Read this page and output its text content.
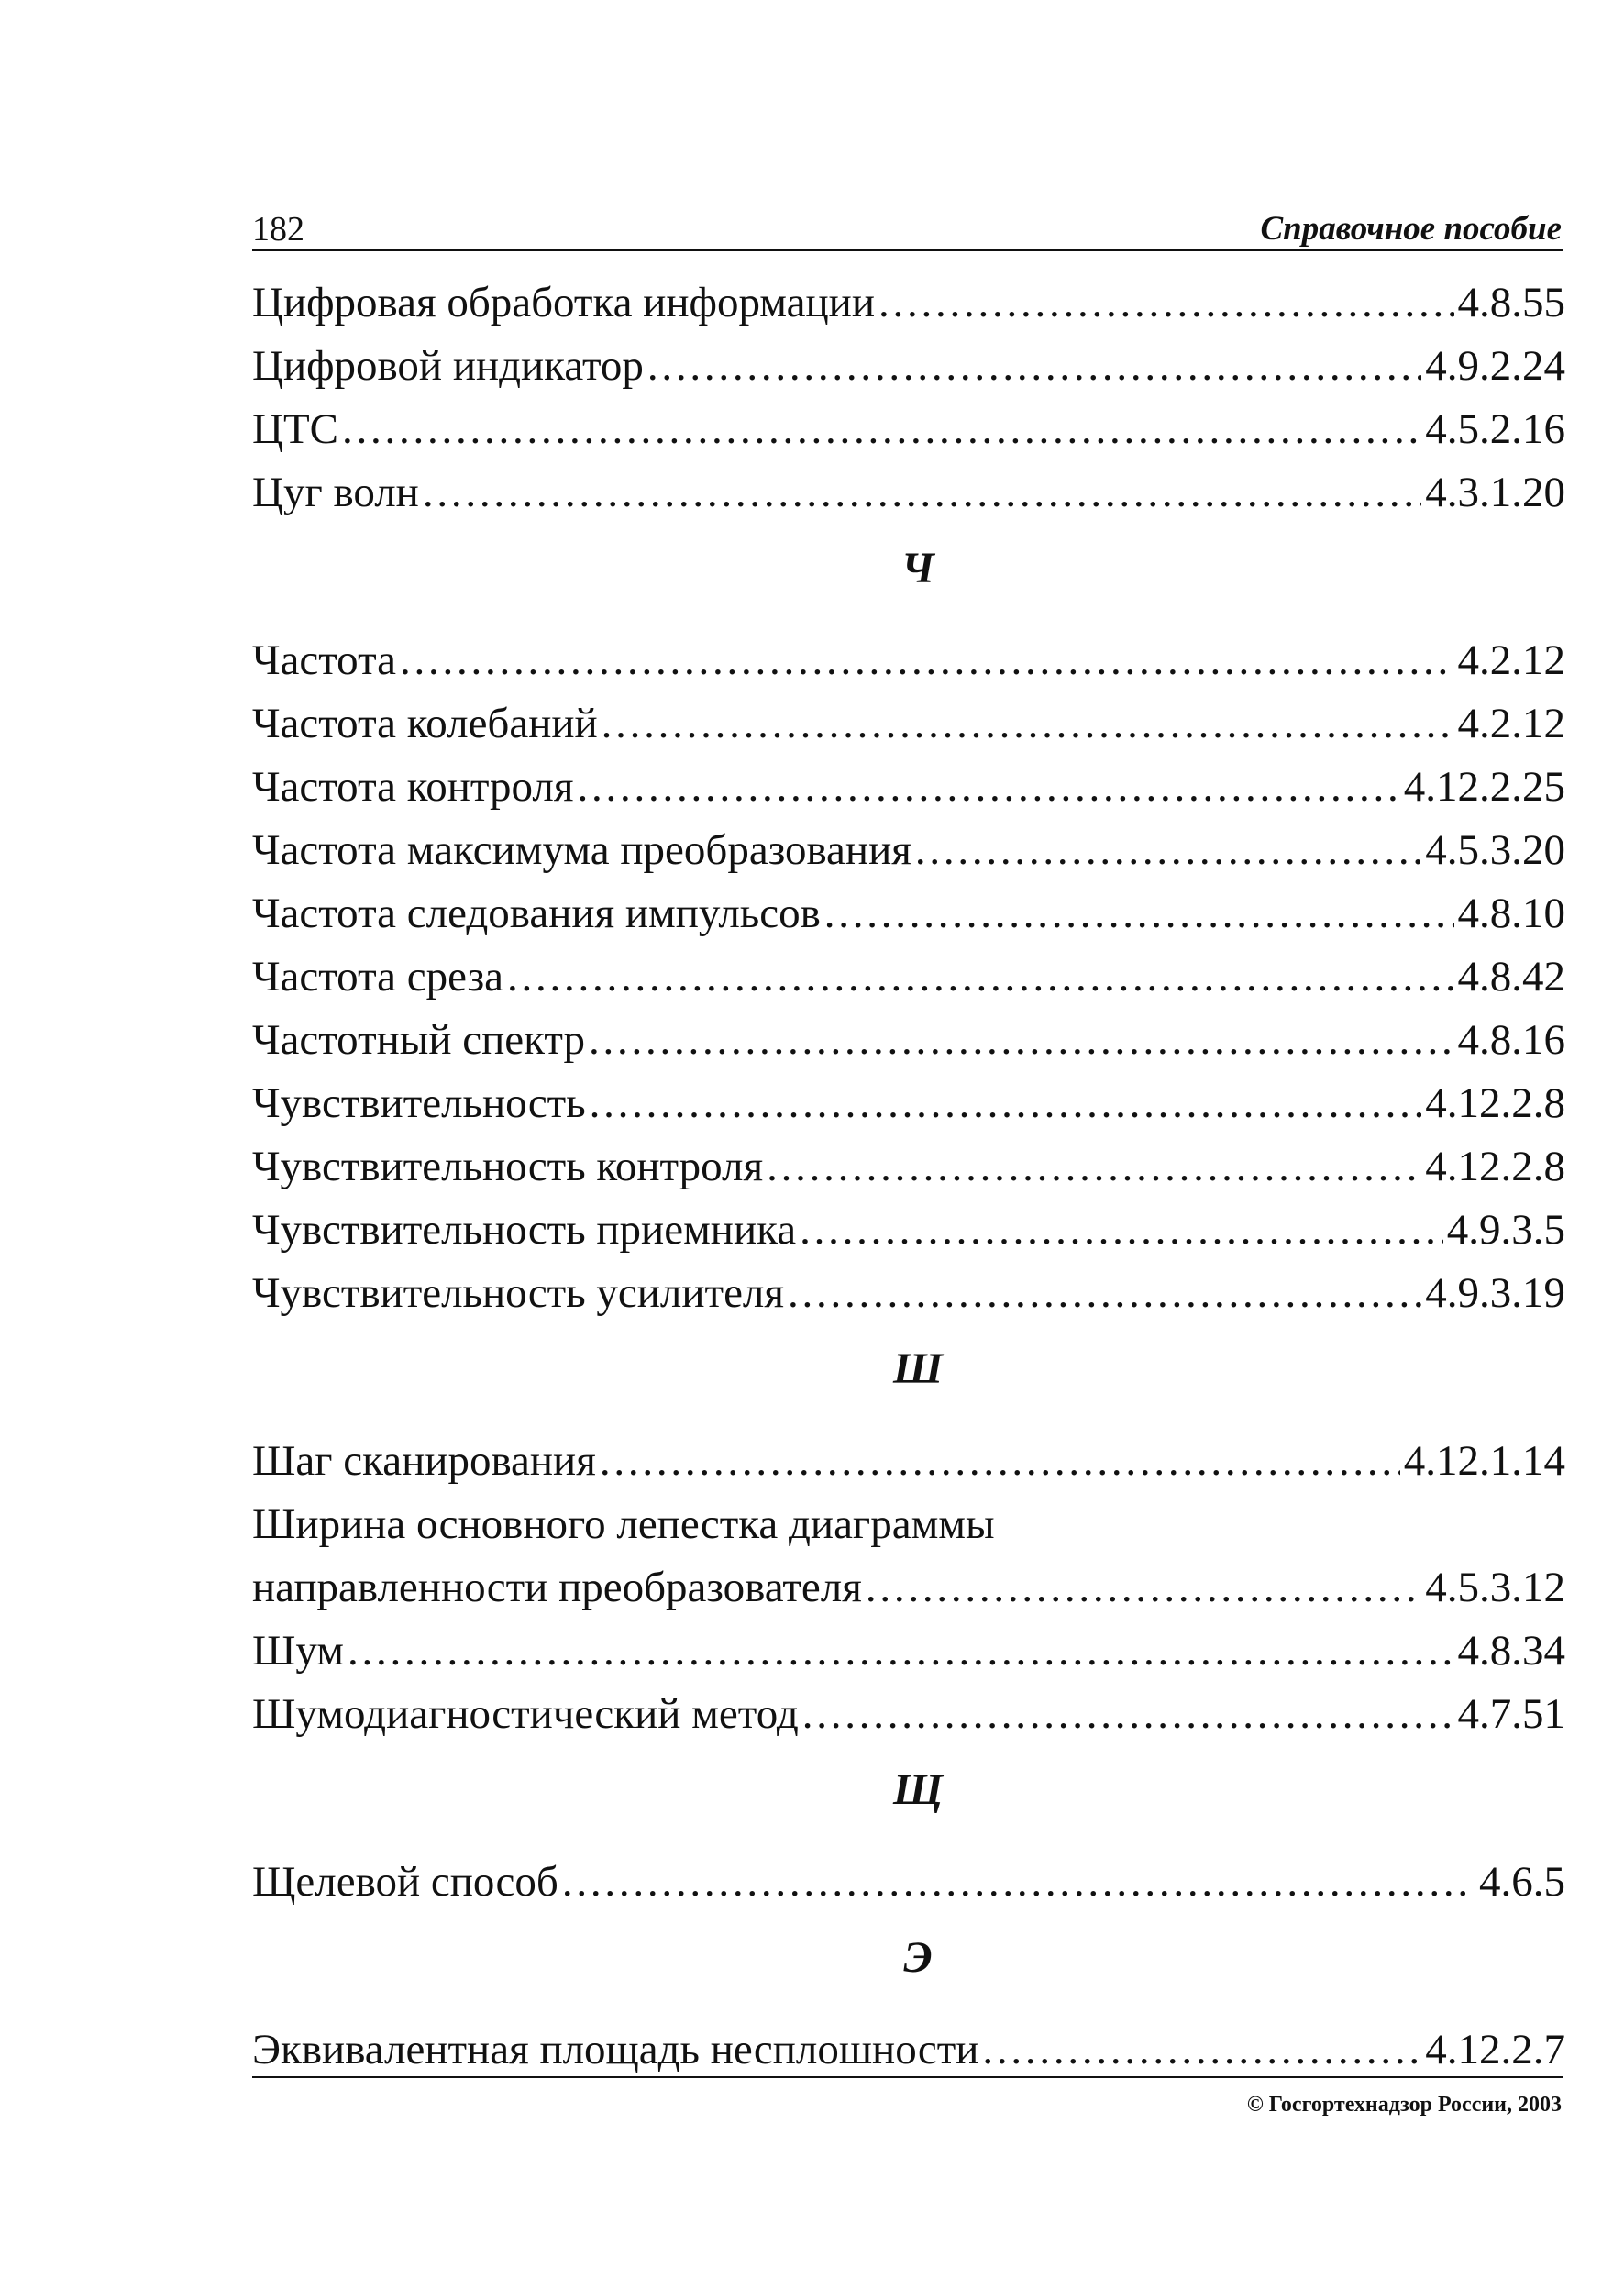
182	Справочное пособие
Цифровая обработка информации . . .	4.8.55
Цифровой индикатор . . .	4.9.2.24
ЦТС . . .	4.5.2.16
Цуг волн . . .	4.3.1.20
Ч
Частота . . .	4.2.12
Частота колебаний . . .	4.2.12
Частота контроля . . .	4.12.2.25
Частота максимума преобразования . . .	4.5.3.20
Частота следования импульсов . . .	4.8.10
Частота среза . . .	4.8.42
Частотный спектр . . .	4.8.16
Чувствительность . . .	4.12.2.8
Чувствительность контроля . . .	4.12.2.8
Чувствительность приемника . . .	4.9.3.5
Чувствительность усилителя . . .	4.9.3.19
Ш
Шаг сканирования . . .	4.12.1.14
Ширина основного лепестка диаграммы
направленности преобразователя . . .	4.5.3.12
Шум . . .	4.8.34
Шумодиагностический метод . . .	4.7.51
Щ
Щелевой способ . . .	4.6.5
Э
Эквивалентная площадь несплошности . . .	4.12.2.7
© Госгортехнадзор России, 2003
